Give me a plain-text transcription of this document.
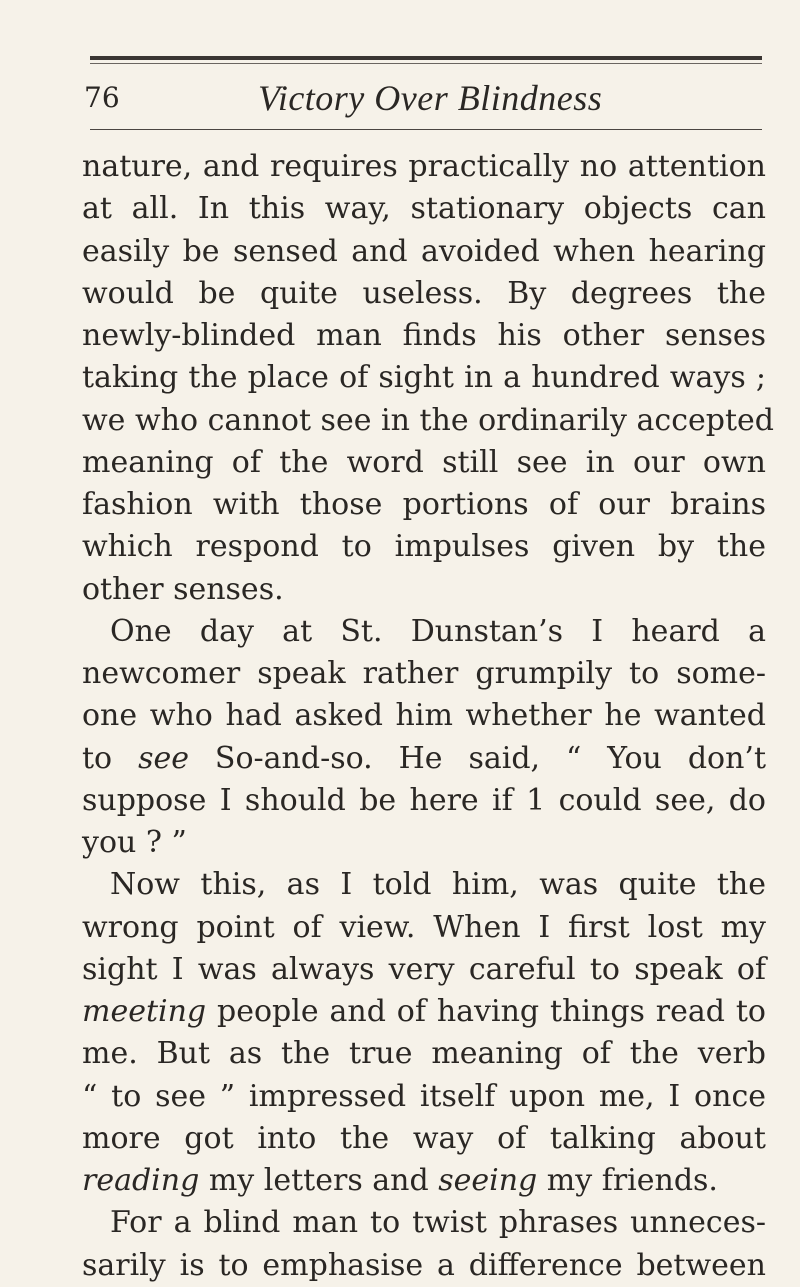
76	Victory Over Blindness
nature, and requires practically no attention
at all. In this way, stationary objects can
easily be sensed and avoided when hearing
would be quite useless. By degrees the
newly-blinded man finds his other senses
taking the place of sight in a hundred ways ;
we who cannot see in the ordinarily accepted
meaning of the word still see in our own
fashion with those portions of our brains
which respond to impulses given by the
other senses.
One day at St. Dunstan’s I heard a
newcomer speak rather grumpily to some-
one who had asked him whether he wanted
to see So-and-so. He said, “ You don’t
suppose I should be here if 1 could see, do
you ? ”
Now this, as I told him, was quite the
wrong point of view. When I first lost my
sight I was always very careful to speak of
meeting people and of having things read to
me. But as the true meaning of the verb
“ to see ” impressed itself upon me, I once
more got into the way of talking about
reading my letters and seeing my friends.
For a blind man to twist phrases unneces-
sarily is to emphasise a difference between
